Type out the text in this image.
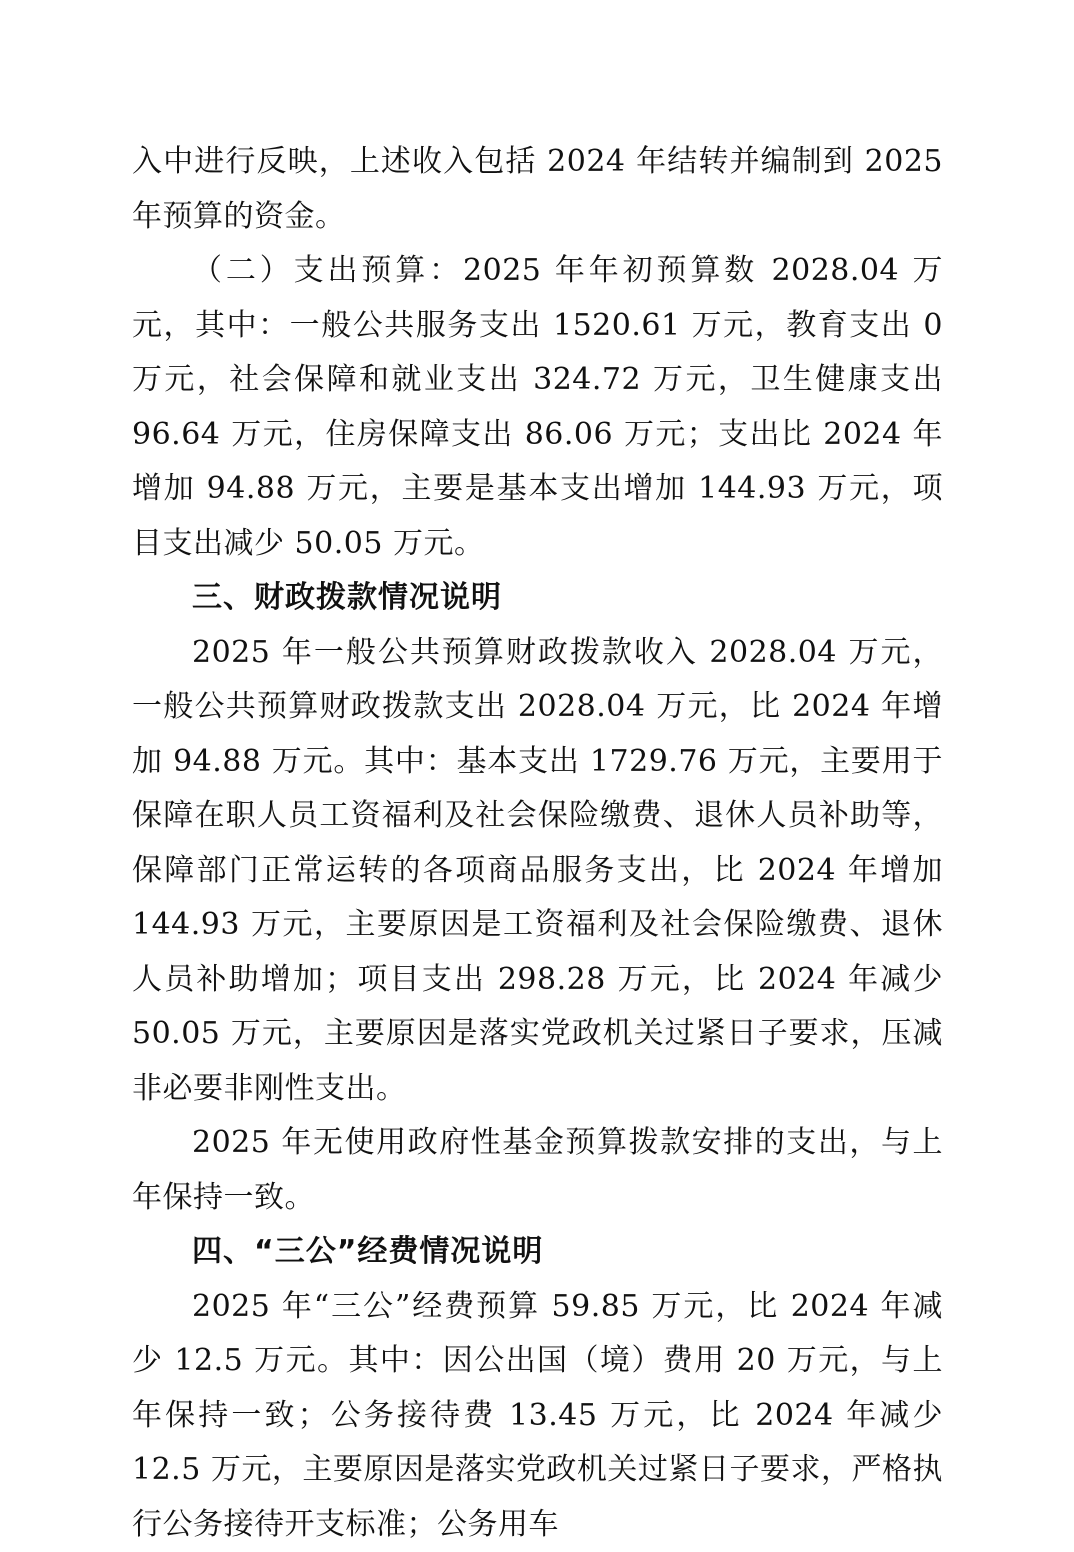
入中进行反映，上述收入包括 2024 年结转并编制到 2025 年预算的资金。

（二）支出预算：2025 年年初预算数 2028.04 万元，其中：一般公共服务支出 1520.61 万元，教育支出 0 万元，社会保障和就业支出 324.72 万元，卫生健康支出 96.64 万元，住房保障支出 86.06 万元；支出比 2024 年增加 94.88 万元，主要是基本支出增加 144.93 万元，项目支出减少 50.05 万元。

三、财政拨款情况说明

2025 年一般公共预算财政拨款收入 2028.04 万元，一般公共预算财政拨款支出 2028.04 万元，比 2024 年增加 94.88 万元。其中：基本支出 1729.76 万元，主要用于保障在职人员工资福利及社会保险缴费、退休人员补助等，保障部门正常运转的各项商品服务支出，比 2024 年增加 144.93 万元，主要原因是工资福利及社会保险缴费、退休人员补助增加；项目支出 298.28 万元，比 2024 年减少 50.05 万元，主要原因是落实党政机关过紧日子要求，压减非必要非刚性支出。

2025 年无使用政府性基金预算拨款安排的支出，与上年保持一致。

四、“三公”经费情况说明

2025 年“三公”经费预算 59.85 万元，比 2024 年减少 12.5 万元。其中：因公出国（境）费用 20 万元，与上年保持一致；公务接待费 13.45 万元，比 2024 年减少 12.5 万元，主要原因是落实党政机关过紧日子要求，严格执行公务接待开支标准；公务用车
